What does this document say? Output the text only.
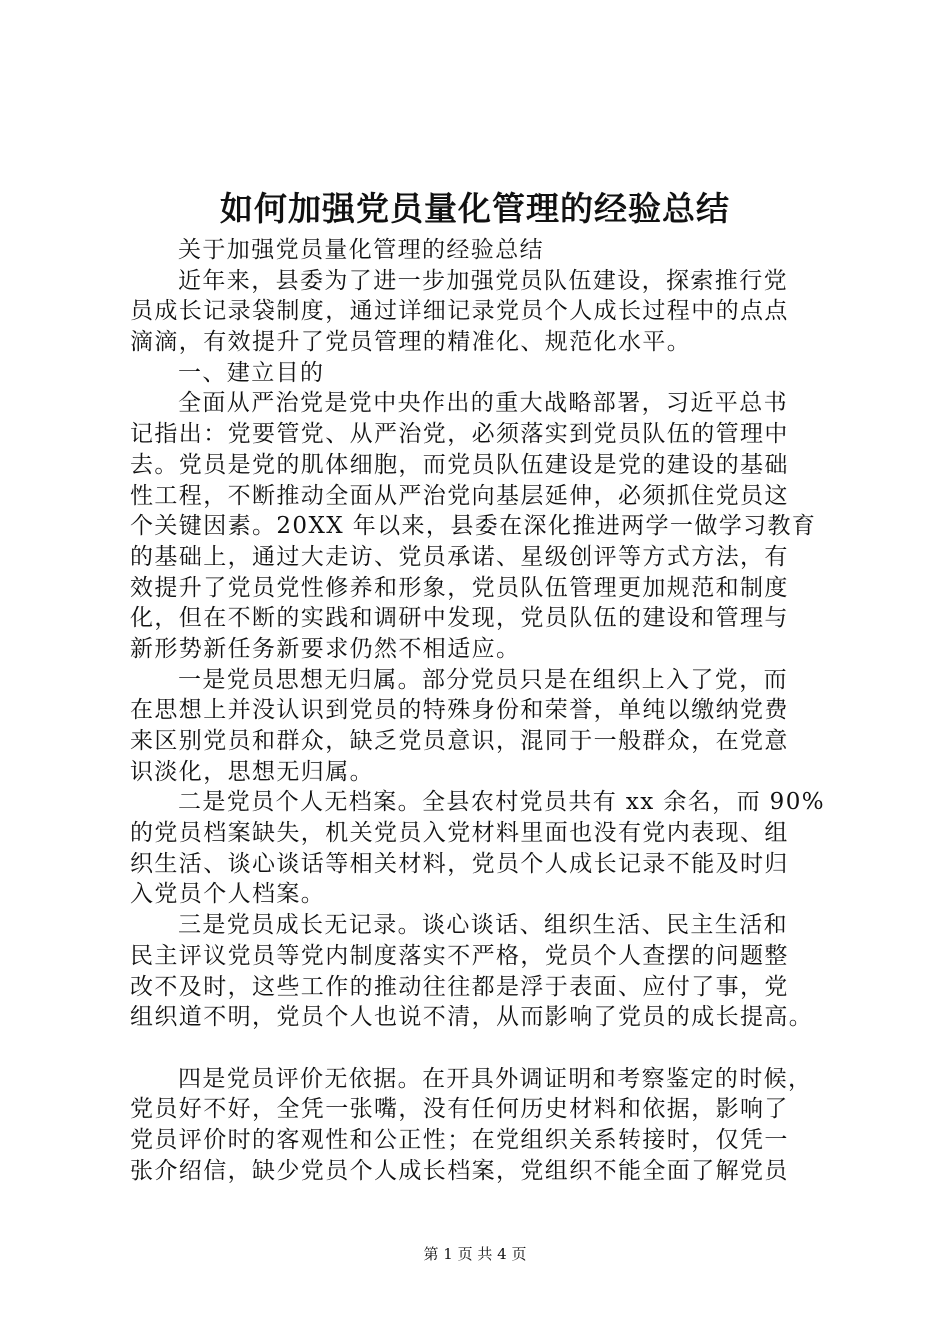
如何加强党员量化管理的经验总结
关于加强党员量化管理的经验总结
近年来，县委为了进一步加强党员队伍建设，探索推行党
员成长记录袋制度，通过详细记录党员个人成长过程中的点点
滴滴，有效提升了党员管理的精准化、规范化水平。
一、建立目的
全面从严治党是党中央作出的重大战略部署，习近平总书
记指出：党要管党、从严治党，必须落实到党员队伍的管理中
去。党员是党的肌体细胞，而党员队伍建设是党的建设的基础
性工程，不断推动全面从严治党向基层延伸，必须抓住党员这
个关键因素。20XX 年以来，县委在深化推进两学一做学习教育
的基础上，通过大走访、党员承诺、星级创评等方式方法，有
效提升了党员党性修养和形象，党员队伍管理更加规范和制度
化，但在不断的实践和调研中发现，党员队伍的建设和管理与
新形势新任务新要求仍然不相适应。
一是党员思想无归属。部分党员只是在组织上入了党，而
在思想上并没认识到党员的特殊身份和荣誉，单纯以缴纳党费
来区别党员和群众，缺乏党员意识，混同于一般群众，在党意
识淡化，思想无归属。
二是党员个人无档案。全县农村党员共有 xx 余名，而 90%
的党员档案缺失，机关党员入党材料里面也没有党内表现、组
织生活、谈心谈话等相关材料，党员个人成长记录不能及时归
入党员个人档案。
三是党员成长无记录。谈心谈话、组织生活、民主生活和
民主评议党员等党内制度落实不严格，党员个人查摆的问题整
改不及时，这些工作的推动往往都是浮于表面、应付了事，党
组织道不明，党员个人也说不清，从而影响了党员的成长提高。
四是党员评价无依据。在开具外调证明和考察鉴定的时候，
党员好不好，全凭一张嘴，没有任何历史材料和依据，影响了
党员评价时的客观性和公正性；在党组织关系转接时，仅凭一
张介绍信，缺少党员个人成长档案，党组织不能全面了解党员
第 1 页 共 4 页
